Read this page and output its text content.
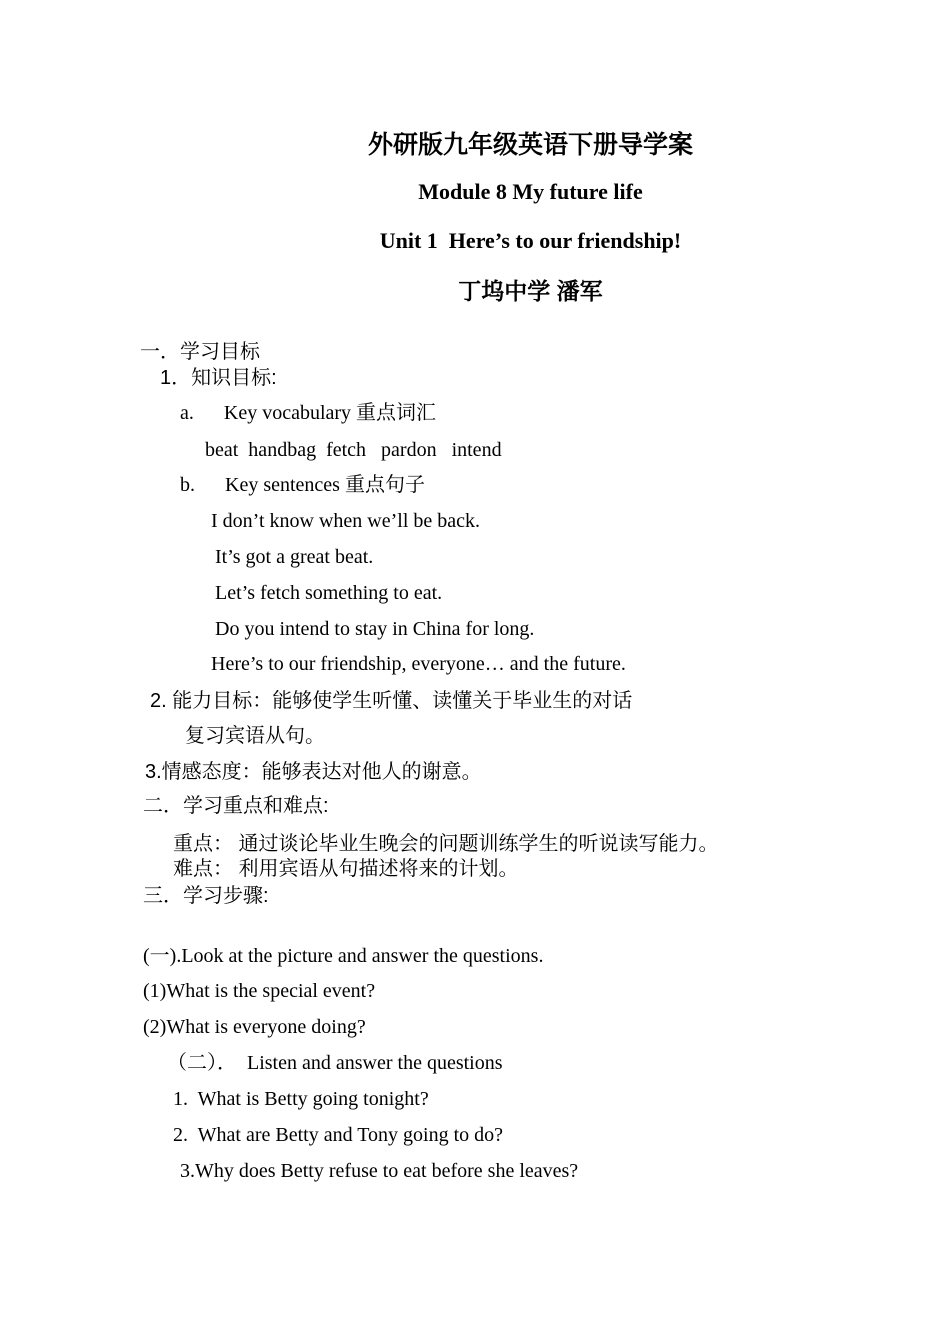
外研版九年级英语下册导学案
Module 8 My future life
Unit 1  Here’s to our friendship!
丁坞中学 潘军
一．学习目标
1．知识目标:
a.      Key vocabulary 重点词汇
beat  handbag  fetch   pardon   intend
b.      Key sentences 重点句子
I don’t know when we’ll be back.
It’s got a great beat.
Let’s fetch something to eat.
Do you intend to stay in China for long.
Here’s to our friendship, everyone… and the future.
2. 能力目标：能够使学生听懂、读懂关于毕业生的对话
复习宾语从句。
3.情感态度：能够表达对他人的谢意。
二．学习重点和难点:
重点： 通过谈论毕业生晚会的问题训练学生的听说读写能力。
难点： 利用宾语从句描述将来的计划。
三．学习步骤:
(一).Look at the picture and answer the questions.
(1)What is the special event?
(2)What is everyone doing?
（二）．  Listen and answer the questions
1.  What is Betty going tonight?
2.  What are Betty and Tony going to do?
3.Why does Betty refuse to eat before she leaves?
